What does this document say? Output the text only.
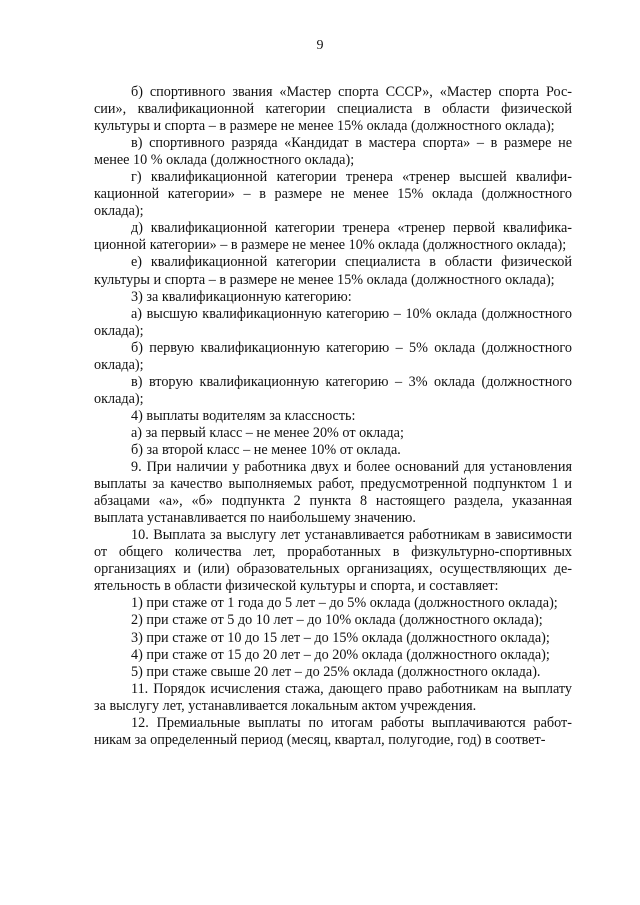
9

б) спортивного звания «Мастер спорта СССР», «Мастер спорта России», квалификационной категории специалиста в области физической культуры и спорта – в размере не менее 15% оклада (должностного оклада);

в) спортивного разряда «Кандидат в мастера спорта» – в размере не менее 10 % оклада (должностного оклада);

г) квалификационной категории тренера «тренер высшей квалификационной категории» – в размере не менее 15% оклада (должностного оклада);

д) квалификационной категории тренера «тренер первой квалификационной категории» – в размере не менее 10% оклада (должностного оклада);

е) квалификационной категории специалиста в области физической культуры и спорта – в размере не менее 15% оклада (должностного оклада);

3) за квалификационную категорию:

а) высшую квалификационную категорию – 10% оклада (должностного оклада);

б) первую квалификационную категорию – 5% оклада (должностного оклада);

в) вторую квалификационную категорию – 3% оклада (должностного оклада);

4) выплаты водителям за классность:

а) за первый класс – не менее 20% от оклада;

б) за второй класс – не менее 10% от оклада.

9. При наличии у работника двух и более оснований для установления выплаты за качество выполняемых работ, предусмотренной подпунктом 1 и абзацами «а», «б» подпункта 2 пункта 8 настоящего раздела, указанная выплата устанавливается по наибольшему значению.

10. Выплата за выслугу лет устанавливается работникам в зависимости от общего количества лет, проработанных в физкультурно-спортивных организациях и (или) образовательных организациях, осуществляющих деятельность в области физической культуры и спорта, и составляет:

1) при стаже от 1 года до 5 лет – до 5% оклада (должностного оклада);

2) при стаже от 5 до 10 лет – до 10% оклада (должностного оклада);

3) при стаже от 10 до 15 лет – до 15% оклада (должностного оклада);

4) при стаже от 15 до 20 лет – до 20% оклада (должностного оклада);

5) при стаже свыше 20 лет – до 25% оклада (должностного оклада).

11. Порядок исчисления стажа, дающего право работникам на выплату за выслугу лет, устанавливается локальным актом учреждения.

12. Премиальные выплаты по итогам работы выплачиваются работникам за определенный период (месяц, квартал, полугодие, год) в соответ-
